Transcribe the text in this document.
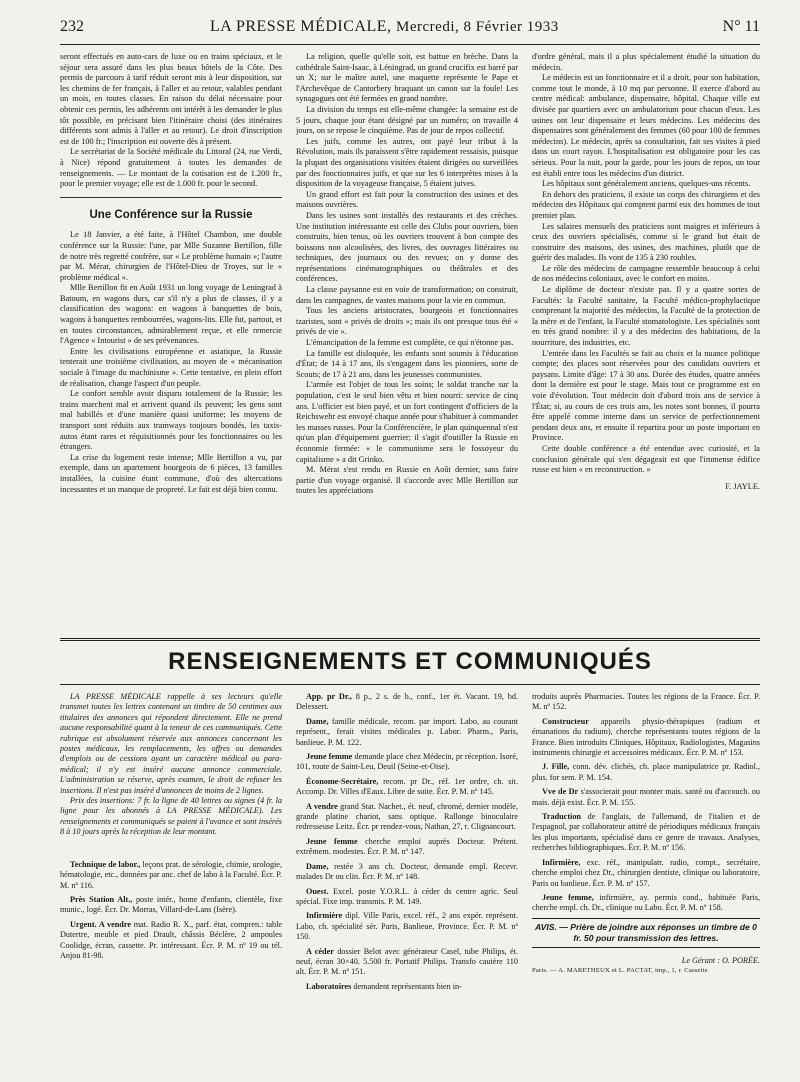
232	LA PRESSE MÉDICALE, Mercredi, 8 Février 1933	N° 11

seront effectués en auto-cars de luxe ou en trains spéciaux, et le séjour sera assuré dans les plus beaux hôtels de la Côte. Des permis de parcours à tarif réduit seront mis à leur disposition, sur les chemins de fer français, à l'aller et au retour, valables pendant un mois, en toutes classes. En raison du délai nécessaire pour obtenir ces permis, les adhérents ont intérêt à les demander le plus tôt possible, en précisant bien l'itinéraire choisi (des itinéraires différents sont admis à l'aller et au retour). Le droit d'inscription est de 100 fr.; l'inscription est ouverte dès à présent.

Le secrétariat de la Société médicale du Littoral (24, rue Verdi, à Nice) répond gratuitement à toutes les demandes de renseignements. — Le montant de la cotisation est de 1.200 fr., pour le premier voyage; elle est de 1.000 fr. pour le second.

Une Conférence sur la Russie

Le 18 Janvier, a été faite, à l'Hôtel Chambon, une double conférence sur la Russie: l'une, par Mlle Suzanne Bertillon, fille de notre très regretté confrère, sur « Le problème humain »; l'autre par M. Mérat, chirurgien de l'Hôtel-Dieu de Troyes, sur le « problème médical ».

Mlle Bertillon fit en Août 1931 un long voyage de Leningrad à Batoum, en wagons durs, car s'il n'y a plus de classes, il y a classification des wagons: en wagons à banquettes de bois, wagons à banquettes rembourrées, wagons-lits. Elle fut, partout, et en toutes circonstances, admirablement reçue, et elle remercie l'Agence « Intourist » de ses prévenances.

Entre les civilisations européenne et asiatique, la Russie tenterait une troisième civilisation, au moyen de « mécanisation sociale à l'image du machinisme ». Cette tentative, en plein effort de réalisation, change l'aspect d'un peuple.

Le confort semble avoir disparu totalement de la Russie; les trains marchent mal et arrivent quand ils peuvent; les gens sont mal habillés et d'une manière quasi uniforme; les moyens de transport sont réduits aux tramways toujours bondés, les taxis-autos étant rares et réquisitionnés pour les fonctionnaires ou les étrangers.

La crise du logement reste intense; Mlle Bertillon a vu, par exemple, dans un apartement bourgeois de 6 pièces, 13 familles installées, la cuisine étant commune, d'où des altercations incessantes et un manque de propreté. Le fait est déjà bien connu.

La religion, quelle qu'elle soit, est battue en brèche. Dans la cathédrale Saint-Isaac, à Léningrad, un grand crucifix est barré par un X; sur le maître autel, une maquette représente le Pape et l'Archevêque de Cantorbery braquant un canon sur la foule! Les synagogues ont été fermées en grand nombre.

La division du temps est elle-même changée: la semaine est de 5 jours, chaque jour étant désigné par un numéro; on travaille 4 jours, on se repose le cinquième. Pas de jour de repos collectif.

Les juifs, comme les autres, ont payé leur tribut à la Révolution, mais ils paraissent s'être rapidement ressaisis, puisque la plupart des organisations visitées étaient dirigées ou surveillées par des fonctionnaires juifs, et que sur les 6 interprètes mises à la disposition de la voyageuse française, 5 étaient juives.

Un grand effort est fait pour la construction des usines et des maisons ouvrières.

Dans les usines sont installés des restaurants et des crèches. Une institution intéressante est celle des Clubs pour ouvriers, bien construits, bien tenus, où les ouvriers trouvent à bon compte des boissons non alcoolisées, des livres, des ouvrages littéraires ou techniques, des journaux ou des revues; on y donne des représentations cinématographiques ou théâtrales et des conférences.

La classe paysanne est en voie de transformation; on construit, dans les campagnes, de vastes maisons pour la vie en commun.

Tous les anciens aristocrates, bourgeois et fonctionnaires tzaristes, sont « privés de droits »; mais ils ont presque tous été « privés de vie ».

L'émancipation de la femme est complète, ce qui n'étonne pas.

La famille est disloquée, les enfants sont soumis à l'éducation d'État; de 14 à 17 ans, ils s'engagent dans les pionniers, sorte de Scouts; de 17 à 21 ans, dans les jeunesses communistes.

L'armée est l'objet de tous les soins; le soldat tranche sur la population, c'est le seul bien vêtu et bien nourri: service de cinq ans. L'officier est bien payé, et un fort contingent d'officiers de la Reichswehr est envoyé chaque année pour s'habituer à commander les masses russes. Pour la Conférencière, le plan quinquennal n'est qu'un plan d'équipement guerrier; il s'agit d'outiller la Russie en économie fermée: « le communisme sera le fossoyeur du capitalisme » a dit Grinko.

M. Mérat s'est rendu en Russie en Août dernier, sans faire partie d'un voyage organisé. Il s'accorde avec Mlle Bertillon sur toutes les appréciations

d'ordre général, mais il a plus spécialement étudié la situation du médecin.

Le médecin est un fonctionnaire et il a droit, pour son habitation, comme tout le monde, à 10 mq par personne. Il exerce d'abord au centre médical: ambulance, dispensaire, hôpital. Chaque ville est divisée par quartiers avec un ambulatorium pour chacun d'eux. Les usines ont leur dispensaire et leurs médecins. Les médecins des dispensaires sont généralement des femmes (60 pour 100 de femmes médecins). Le médecin, après sa consultation, fait ses visites à pied dans un court rayon. L'hospitalisation est obligatoire pour les cas sérieux. Pour la nuit, pour la garde, pour les jours de repos, un tour est établi entre tous les médecins d'un district.

Les hôpitaux sont généralement anciens, quelques-uns récents.

En dehors des praticiens, il existe un corps des chirurgiens et des médecins des Hôpitaux qui comptent parmi eux des hommes de tout premier plan.

Les salaires mensuels des praticiens sont maigres et inférieurs à ceux des ouvriers spécialisés, comme si le grand but était de construire des maisons, des usines, des machines, plutôt que de guérir des malades. Ils vont de 135 à 230 roubles.

Le rôle des médecins de campagne ressemble beaucoup à celui de nos médecins coloniaux, avec le confort en moins.

Le diplôme de docteur n'existe pas. Il y a quatre sortes de Facultés: la Faculté sanitaire, la Faculté médico-prophylactique comprenant la majorité des médecins, la Faculté de la protection de la mère et de l'enfant, la Faculté stomatologiste. Les spécialités sont en très grand nombre: il y a des médecins des habitations, de la nourriture, des industries, etc.

L'entrée dans les Facultés se fait au choix et la nuance politique compte; des places sont réservées pour des candidats ouvriers et paysans. Limite d'âge: 17 à 30 ans. Durée des études, quatre années dont la dernière est pour le stage. Mais tout ce programme est en voie d'évolution. Tout médecin doit d'abord trois ans de service à l'État; si, au cours de ces trois ans, les notes sont bonnes, il pourra être appelé comme interne dans un service de perfectionnement pendant deux ans, et ensuite il repartira pour un poste important en Province.

Cette double conférence a été entendue avec curiosité, et la conclusion générale qui s'en dégageait est que l'immense édifice russe est bien « en reconstruction. »

F. JAYLE.
RENSEIGNEMENTS ET COMMUNIQUÉS

LA PRESSE MÉDICALE rappelle à ses lecteurs qu'elle transmet toutes les lettres contenant un timbre de 50 centimes aux titulaires des annonces qui répondent directement. Elle ne prend aucune responsabilité quant à la teneur de ces communiqués. Cette rubrique est absolument réservée aux annonces concernant les postes médicaux, les remplacements, les offres ou demandes d'emplois ou de cessions ayant un caractère médical ou para-médical; il n'y est inséré aucune annonce commerciale. L'administration se réserve, après examen, le droit de refuser les insertions. Il n'est pas inséré d'annonces de moins de 2 lignes.

Prix des insertions: 7 fr. la ligne de 40 lettres ou signes (4 fr. la ligne pour les abonnés à LA PRESSE MÉDICALE). Les renseignements et communiqués se paient à l'avance et sont insérés 8 à 10 jours après la réception de leur montant.

Technique de labor., leçons prat. de sérologie, chimie, urologie, hématologie, etc., données par anc. chef de labo à la Faculté. Écr. P. M. nº 116.

Près Station Alt., poste intér., home d'enfants, clientèle, fixe munic., logé. Écr. Dr. Morras, Villard-de-Lans (Isère).

Urgent. A vendre mat. Radio R. X., parf. état, compren.: table Dutertre, meuble et pied Drault, châssis Béclère, 2 ampoules Coolidge, écran, cassette. Pr. intéressant. Écr. P. M. nº 19 ou tél. Anjou 81-98.

App. pr Dr., 8 p., 2 s. de b., conf., 1er ét. Vacant. 19, bd. Delessert.

Dame, famille médicale, recom. par import. Labo, au courant représent., ferait visites médicales p. Labor. Pharm., Paris, banlieue. P. M. 122.

Jeune femme demande place chez Médecin, pr réception. Isoré, 101, route de Saint-Leu, Deuil (Seine-et-Oise).

Économe-Secrétaire, recom. pr Dr., réf. 1er ordre, ch. sit. Accomp. Dr. Villes d'Eaux. Libre de suite. Écr. P. M. nº 145.

A vendre grand Stat. Nachet., ét. neuf, chromé, dernier modèle, grande platine chariot, sans optique. Rallonge binoculaire redresseuse Leitz. Écr. pr rendez-vous, Nathan, 27, r. Clignancourt.

Jeune femme cherche emploi auprès Docteur. Prétent. extrêmem. modestes. Écr. P. M. nº 147.

Dame, restée 3 ans ch. Docteur, demande empl. Recevr. malades Dr ou clin. Écr. P. M. nº 148.

Ouest. Excel. poste Y.O.R.L. à céder ds centre agric. Seul spécial. Fixe imp. transmis. P. M. 149.

Infirmière dipl. Ville Paris, excel. réf., 2 ans expér. représent. Labo, ch. spécialité sér. Paris, Banlieue, Province. Écr. P. M. nº 150.

A céder dossier Belot avec générateur Casel, tube Philips, ét. neuf, écran 30×40. 5.500 fr. Portatif Philips. Transfo cautère 110 alt. Écr. P. M. nº 151.

Laboratoires demandent représentants bien in-

troduits auprès Pharmacies. Toutes les régions de la France. Écr. P. M. nº 152.

Constructeur appareils physio-thérapiques (radium et émanations du radium), cherche représentants toutes régions de la France. Bien introduits Cliniques, Hôpitaux, Radiologistes, Magasins instruments chirurgie et accessoires médicaux. Écr. P. M. nº 153.

J. Fille, conn. dév. clichés, ch. place manipulatrice pr. Radiol., plus. for sem. P. M. 154.

Vve de Dr s'associerait pour monter mais. santé ou d'accouch. ou mais. déjà exist. Écr. P. M. 155.

Traduction de l'anglais, de l'allemand, de l'italien et de l'espagnol, par collaborateur attitré de périodiques médicaux français les plus importants, spécialisé dans ce genre de travaux. Analyses, recherches bibliographiques. Écr. P. M. nº 156.

Infirmière, exc. réf., manipulatr. radio, compt., secrétaire, cherche emploi chez Dr., chirurgien dentiste, clinique ou laboratoire, Paris ou banlieue. Écr. P. M. nº 157.

Jeune femme, infirmière, ay. permis cond., habituée Paris, cherche empl. ch. Dr., clinique ou Labo. Écr. P. M. nº 158.

AVIS. — Prière de joindre aux réponses un timbre de 0 fr. 50 pour transmission des lettres.
Le Gérant : O. PORÉE.

Paris. — A. MARETHEUX et L. PACTAT, imp., 1, r. Cassette
